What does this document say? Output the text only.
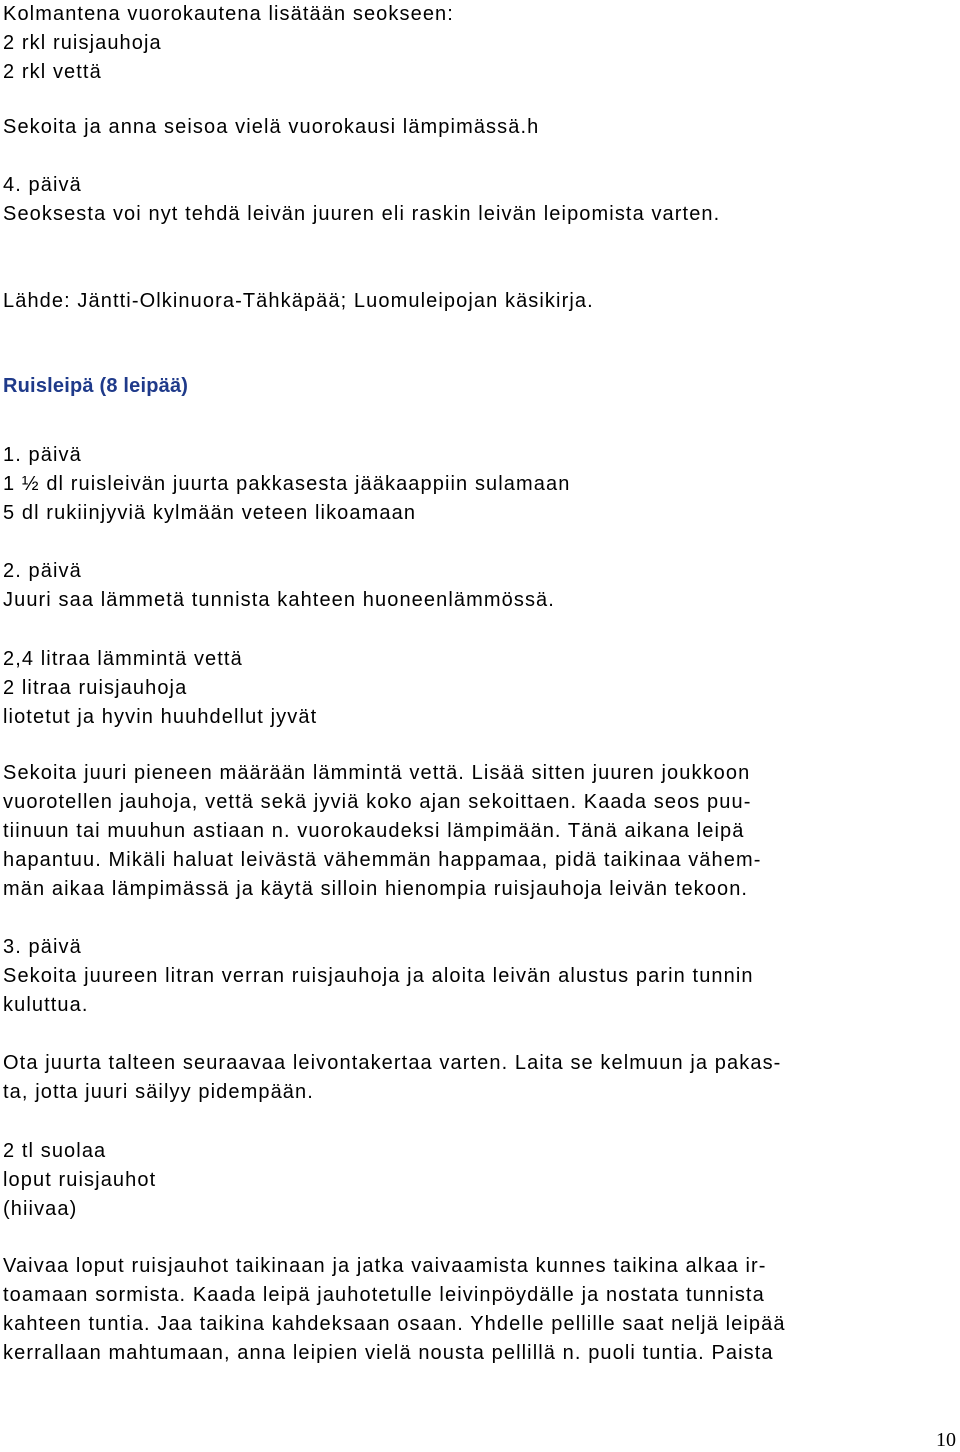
Kolmantena vuorokautena lisätään seokseen:
2 rkl ruisjauhoja
2 rkl vettä
Sekoita ja anna seisoa vielä vuorokausi lämpimässä.h
4. päivä
Seoksesta voi nyt tehdä leivän juuren eli raskin leivän leipomista varten.
Lähde: Jäntti-Olkinuora-Tähkäpää; Luomuleipojan käsikirja.
Ruisleipä (8 leipää)
1. päivä
1 ½ dl ruisleivän juurta pakkasesta jääkaappiin sulamaan
5 dl rukiinjyviä kylmään veteen likoamaan
2. päivä
Juuri saa lämmetä tunnista kahteen huoneenlämmössä.
2,4 litraa lämmintä vettä
2 litraa ruisjauhoja
liotetut ja hyvin huuhdellut jyvät
Sekoita juuri pieneen määrään lämmintä vettä. Lisää sitten juuren joukkoon
vuorotellen jauhoja, vettä sekä jyviä koko ajan sekoittaen. Kaada seos puu-
tiinuun tai muuhun astiaan n. vuorokaudeksi lämpimään. Tänä aikana leipä
hapantuu. Mikäli haluat leivästä vähemmän happamaa, pidä taikinaa vähem-
män aikaa lämpimässä ja käytä silloin hienompia ruisjauhoja leivän tekoon.
3. päivä
Sekoita juureen litran verran ruisjauhoja ja aloita leivän alustus parin tunnin
kuluttua.
Ota juurta talteen seuraavaa leivontakertaa varten. Laita se kelmuun ja pakas-
ta, jotta juuri säilyy pidempään.
2 tl suolaa
loput ruisjauhot
(hiivaa)
Vaivaa loput ruisjauhot taikinaan ja jatka vaivaamista kunnes taikina alkaa ir-
toamaan sormista. Kaada leipä jauhotetulle leivinpöydälle ja nostata tunnista
kahteen tuntia. Jaa taikina kahdeksaan osaan. Yhdelle pellille saat neljä leipää
kerrallaan mahtumaan, anna leipien vielä nousta pellillä n. puoli tuntia. Paista
10
